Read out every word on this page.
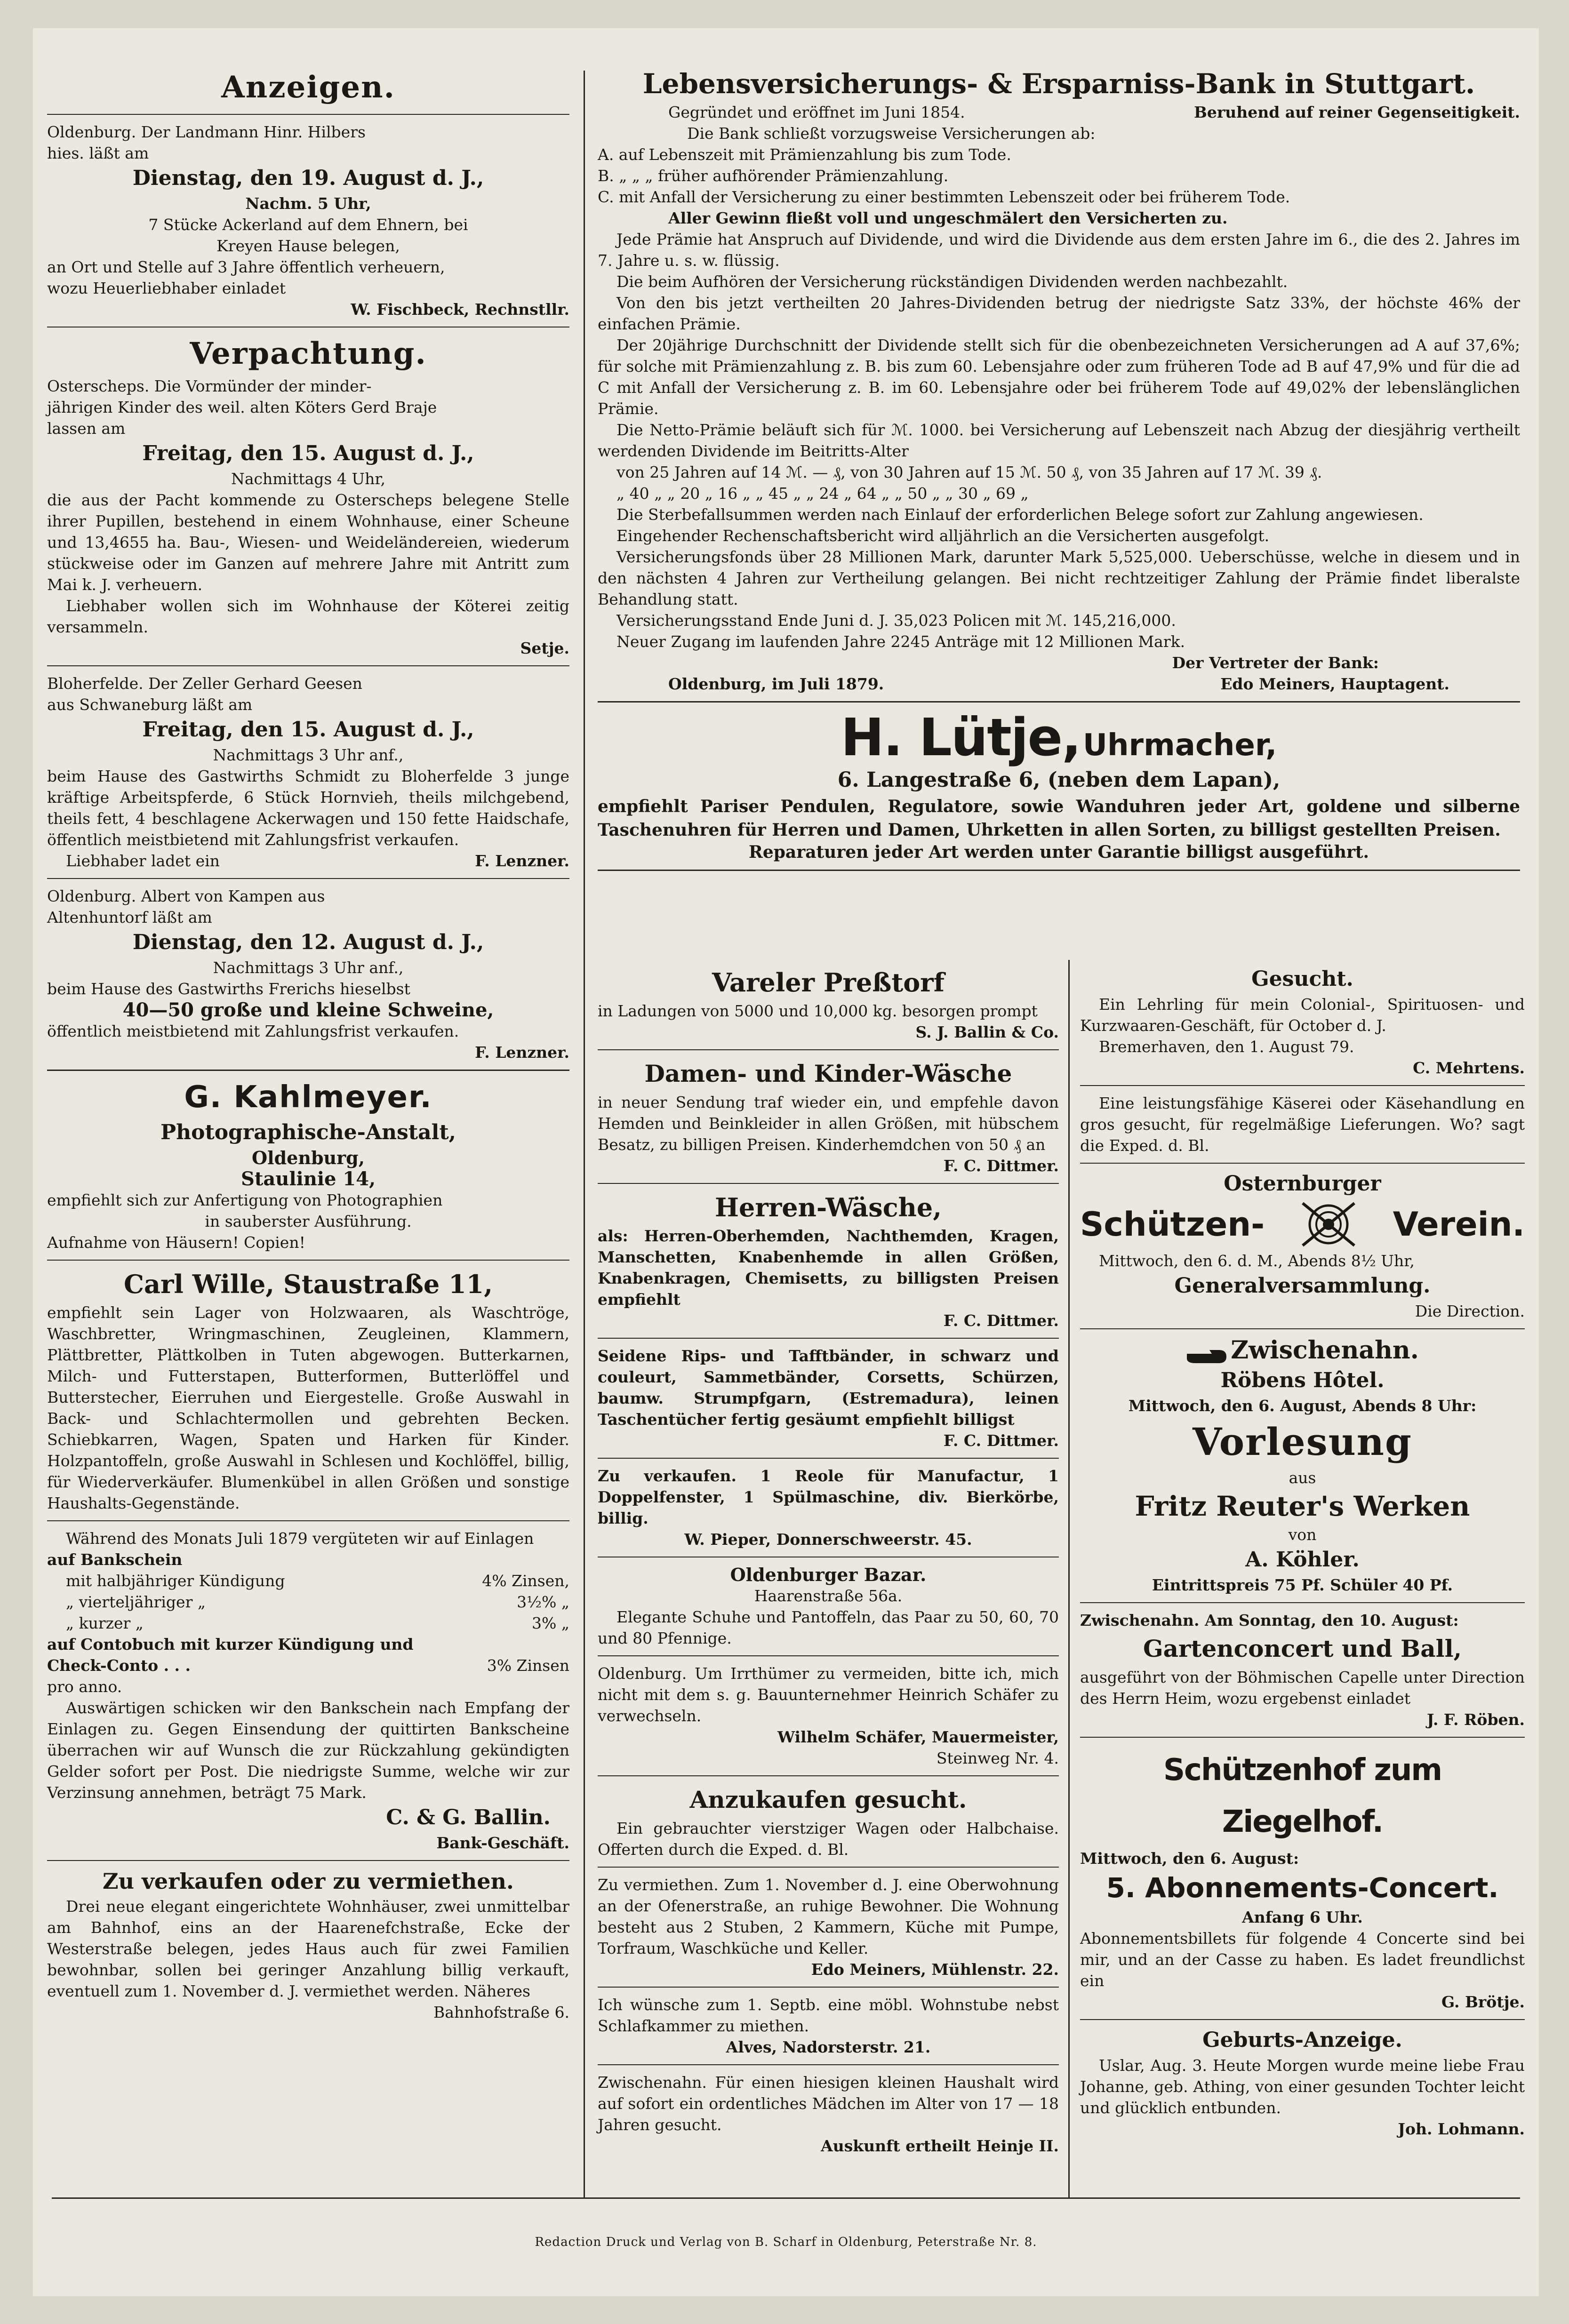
Anzeigen.

Oldenburg. Der Landmann Hinr. Hilbers

hies. läßt am

Dienstag, den 19. August d. J.,

Nachm. 5 Uhr,

7 Stücke Ackerland auf dem Ehnern, bei

Kreyen Hause belegen,

an Ort und Stelle auf 3 Jahre öffentlich verheuern,

wozu Heuerliebhaber einladet

W. Fischbeck, Rechnstllr.

Verpachtung.

Osterscheps. Die Vormünder der minder-

jährigen Kinder des weil. alten Köters Gerd Braje

lassen am

Freitag, den 15. August d. J.,

Nachmittags 4 Uhr,

die aus der Pacht kommende zu Osterscheps belegene Stelle ihrer Pupillen, bestehend in einem Wohnhause, einer Scheune und 13,4655 ha. Bau-, Wiesen- und Weideländereien, wiederum stückweise oder im Ganzen auf mehrere Jahre mit Antritt zum Mai k. J. verheuern.

Liebhaber wollen sich im Wohnhause der Köterei zeitig versammeln.

Setje.

Bloherfelde. Der Zeller Gerhard Geesen

aus Schwaneburg läßt am

Freitag, den 15. August d. J.,

Nachmittags 3 Uhr anf.,

beim Hause des Gastwirths Schmidt zu Bloherfelde 3 junge kräftige Arbeitspferde, 6 Stück Hornvieh, theils milchgebend, theils fett, 4 beschlagene Ackerwagen und 150 fette Haidschafe, öffentlich meistbietend mit Zahlungsfrist verkaufen.

Liebhaber ladet ein	F. Lenzner.

Oldenburg. Albert von Kampen aus

Altenhuntorf läßt am

Dienstag, den 12. August d. J.,

Nachmittags 3 Uhr anf.,

beim Hause des Gastwirths Frerichs hieselbst

40—50 große und kleine Schweine,

öffentlich meistbietend mit Zahlungsfrist verkaufen.

F. Lenzner.

G. Kahlmeyer.
Photographische-Anstalt,

Oldenburg,

Staulinie 14,

empfiehlt sich zur Anfertigung von Photographien

in sauberster Ausführung.

Aufnahme von Häusern! Copien!

Carl Wille, Staustraße 11,

empfiehlt sein Lager von Holzwaaren, als Waschtröge, Waschbretter, Wringmaschinen, Zeugleinen, Klammern, Plättbretter, Plättkolben in Tuten abgewogen. Butterkarnen, Milch- und Futterstapen, Butterformen, Butterlöffel und Butterstecher, Eierruhen und Eiergestelle. Große Auswahl in Back- und Schlachtermollen und gebrehten Becken. Schiebkarren, Wagen, Spaten und Harken für Kinder. Holzpantoffeln, große Auswahl in Schlesen und Kochlöffel, billig, für Wiederverkäufer. Blumenkübel in allen Größen und sonstige Haushalts-Gegenstände.

Während des Monats Juli 1879 vergüteten wir auf Einlagen

auf Bankschein

mit halbjähriger Kündigung	4% Zinsen,

„ vierteljähriger „	3½% „

„ kurzer „	3% „

auf Contobuch mit kurzer Kündigung und

Check-Conto . . .	3% Zinsen

pro anno.

Auswärtigen schicken wir den Bankschein nach Empfang der Einlagen zu. Gegen Einsendung der quittirten Bankscheine überrachen wir auf Wunsch die zur Rückzahlung gekündigten Gelder sofort per Post. Die niedrigste Summe, welche wir zur Verzinsung annehmen, beträgt 75 Mark.

C. & G. Ballin.

Bank-Geschäft.

Zu verkaufen oder zu vermiethen.

Drei neue elegant eingerichtete Wohnhäuser, zwei unmittelbar am Bahnhof, eins an der Haarenefchstraße, Ecke der Westerstraße belegen, jedes Haus auch für zwei Familien bewohnbar, sollen bei geringer Anzahlung billig verkauft, eventuell zum 1. November d. J. vermiethet werden. Näheres

Bahnhofstraße 6.

Lebensversicherungs- & Ersparniss-Bank in Stuttgart.

Gegründet und eröffnet im Juni 1854.	Beruhend auf reiner Gegenseitigkeit.

Die Bank schließt vorzugsweise Versicherungen ab:

A. auf Lebenszeit mit Prämienzahlung bis zum Tode.

B. „ „ „ früher aufhörender Prämienzahlung.

C. mit Anfall der Versicherung zu einer bestimmten Lebenszeit oder bei früherem Tode.

Aller Gewinn fließt voll und ungeschmälert den Versicherten zu.

Jede Prämie hat Anspruch auf Dividende, und wird die Dividende aus dem ersten Jahre im 6., die des 2. Jahres im 7. Jahre u. s. w. flüssig.

Die beim Aufhören der Versicherung rückständigen Dividenden werden nachbezahlt.

Von den bis jetzt vertheilten 20 Jahres-Dividenden betrug der niedrigste Satz 33%, der höchste 46% der einfachen Prämie.

Der 20jährige Durchschnitt der Dividende stellt sich für die obenbezeichneten Versicherungen ad A auf 37,6%; für solche mit Prämienzahlung z. B. bis zum 60. Lebensjahre oder zum früheren Tode ad B auf 47,9% und für die ad C mit Anfall der Versicherung z. B. im 60. Lebensjahre oder bei früherem Tode auf 49,02% der lebenslänglichen Prämie.

Die Netto-Prämie beläuft sich für ℳ. 1000. bei Versicherung auf Lebenszeit nach Abzug der diesjährig vertheilt werdenden Dividende im Beitritts-Alter

von 25 Jahren auf 14 ℳ. — ₰, von 30 Jahren auf 15 ℳ. 50 ₰, von 35 Jahren auf 17 ℳ. 39 ₰.

„ 40 „ „ 20 „ 16 „ „ 45 „ „ 24 „ 64 „ „ 50 „ „ 30 „ 69 „

Die Sterbefallsummen werden nach Einlauf der erforderlichen Belege sofort zur Zahlung angewiesen.

Eingehender Rechenschaftsbericht wird alljährlich an die Versicherten ausgefolgt.

Versicherungsfonds über 28 Millionen Mark, darunter Mark 5,525,000. Ueberschüsse, welche in diesem und in den nächsten 4 Jahren zur Vertheilung gelangen. Bei nicht rechtzeitiger Zahlung der Prämie findet liberalste Behandlung statt.

Versicherungsstand Ende Juni d. J. 35,023 Policen mit ℳ. 145,216,000.

Neuer Zugang im laufenden Jahre 2245 Anträge mit 12 Millionen Mark.

Der Vertreter der Bank:

Oldenburg, im Juli 1879.	Edo Meiners, Hauptagent.

H. Lütje, Uhrmacher,
6. Langestraße 6, (neben dem Lapan),

empfiehlt Pariser Pendulen, Regulatore, sowie Wanduhren jeder Art, goldene und silberne Taschenuhren für Herren und Damen, Uhrketten in allen Sorten, zu billigst gestellten Preisen.

Reparaturen jeder Art werden unter Garantie billigst ausgeführt.

Vareler Preßtorf

in Ladungen von 5000 und 10,000 kg. besorgen prompt

S. J. Ballin & Co.

Damen- und Kinder-Wäsche

in neuer Sendung traf wieder ein, und empfehle davon Hemden und Beinkleider in allen Größen, mit hübschem Besatz, zu billigen Preisen. Kinderhemdchen von 50 ₰ an

F. C. Dittmer.

Herren-Wäsche,

als: Herren-Oberhemden, Nachthemden, Kragen, Manschetten, Knabenhemde in allen Größen, Knabenkragen, Chemisetts, zu billigsten Preisen empfiehlt

F. C. Dittmer.

Seidene Rips- und Tafftbänder, in schwarz und couleurt, Sammetbänder, Corsetts, Schürzen, baumw. Strumpfgarn, (Estremadura), leinen Taschentücher fertig gesäumt empfiehlt billigst

F. C. Dittmer.

Zu verkaufen. 1 Reole für Manufactur, 1 Doppelfenster, 1 Spülmaschine, div. Bierkörbe, billig.

W. Pieper, Donnerschweerstr. 45.

Oldenburger Bazar.

Haarenstraße 56a.

Elegante Schuhe und Pantoffeln, das Paar zu 50, 60, 70 und 80 Pfennige.

Oldenburg. Um Irrthümer zu vermeiden, bitte ich, mich nicht mit dem s. g. Bauunternehmer Heinrich Schäfer zu verwechseln.

Wilhelm Schäfer, Mauermeister,

Steinweg Nr. 4.

Anzukaufen gesucht.

Ein gebrauchter vierstziger Wagen oder Halbchaise. Offerten durch die Exped. d. Bl.

Zu vermiethen. Zum 1. November d. J. eine Oberwohnung an der Ofenerstraße, an ruhige Bewohner. Die Wohnung besteht aus 2 Stuben, 2 Kammern, Küche mit Pumpe, Torfraum, Waschküche und Keller.

Edo Meiners, Mühlenstr. 22.

Ich wünsche zum 1. Septb. eine möbl. Wohnstube nebst Schlafkammer zu miethen.

Alves, Nadorsterstr. 21.

Zwischenahn. Für einen hiesigen kleinen Haushalt wird auf sofort ein ordentliches Mädchen im Alter von 17 — 18 Jahren gesucht.

Auskunft ertheilt Heinje II.

Gesucht.

Ein Lehrling für mein Colonial-, Spirituosen- und Kurzwaaren-Geschäft, für October d. J.

Bremerhaven, den 1. August 79.

C. Mehrtens.

Eine leistungsfähige Käserei oder Käsehandlung en gros gesucht, für regelmäßige Lieferungen. Wo? sagt die Exped. d. Bl.

Osternburger
Schützen-	Verein.

Mittwoch, den 6. d. M., Abends 8½ Uhr,

Generalversammlung.

Die Direction.

Zwischenahn.
Röbens Hôtel.

Mittwoch, den 6. August, Abends 8 Uhr:

Vorlesung

aus

Fritz Reuter's Werken

von

A. Köhler.

Eintrittspreis 75 Pf. Schüler 40 Pf.

Zwischenahn. Am Sonntag, den 10. August:

Gartenconcert und Ball,

ausgeführt von der Böhmischen Capelle unter Direction des Herrn Heim, wozu ergebenst einladet

J. F. Röben.

Schützenhof zum Ziegelhof.

Mittwoch, den 6. August:

5. Abonnements-Concert.

Anfang 6 Uhr.

Abonnementsbillets für folgende 4 Concerte sind bei mir, und an der Casse zu haben. Es ladet freundlichst ein

G. Brötje.

Geburts-Anzeige.

Uslar, Aug. 3. Heute Morgen wurde meine liebe Frau Johanne, geb. Athing, von einer gesunden Tochter leicht und glücklich entbunden.

Joh. Lohmann.

Redaction Druck und Verlag von B. Scharf in Oldenburg, Peterstraße Nr. 8.
